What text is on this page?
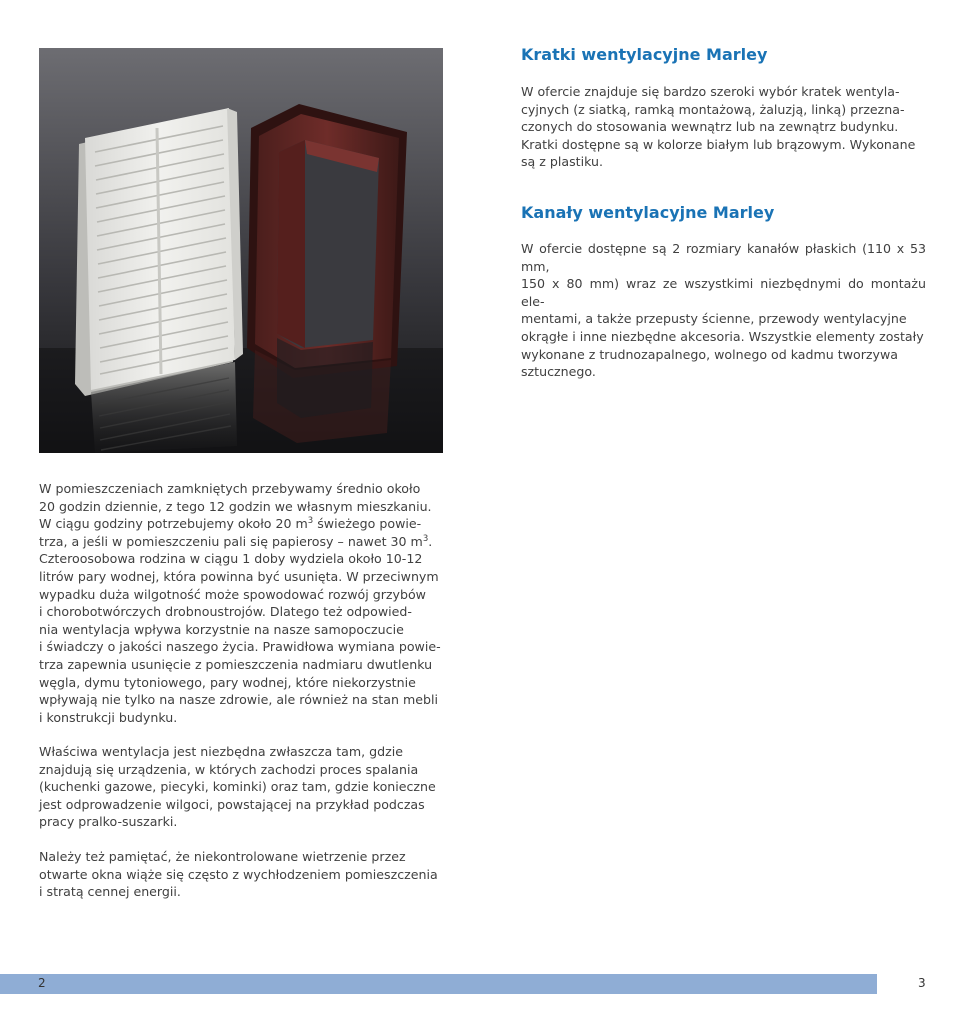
Kratki wentylacyjne Marley

W ofercie znajduje się bardzo szeroki wybór kratek wentyla-
cyjnych (z siatką, ramką montażową, żaluzją, linką) przezna-
czonych do stosowania wewnątrz lub na zewnątrz budynku.
Kratki dostępne są w kolorze białym lub brązowym. Wykonane
są z plastiku.

Kanały wentylacyjne Marley

W ofercie dostępne są 2 rozmiary kanałów płaskich (110 x 53 mm,
150 x 80 mm) wraz ze wszystkimi niezbędnymi do montażu ele-
mentami, a także przepusty ścienne, przewody wentylacyjne
okrągłe i inne niezbędne akcesoria. Wszystkie elementy zostały
wykonane z trudnozapalnego, wolnego od kadmu tworzywa
sztucznego.

W pomieszczeniach zamkniętych przebywamy średnio około
20 godzin dziennie, z tego 12 godzin we własnym mieszkaniu.
W ciągu godziny potrzebujemy około 20 $m^3$ świeżego powie-
trza, a jeśli w pomieszczeniu pali się papierosy – nawet 30 $m^3$.
Czteroosobowa rodzina w ciągu 1 doby wydziela około 10-12
litrów pary wodnej, która powinna być usunięta. W przeciwnym
wypadku duża wilgotność może spowodować rozwój grzybów
i chorobotwórczych drobnoustrojów. Dlatego też odpowied-
nia wentylacja wpływa korzystnie na nasze samopoczucie
i świadczy o jakości naszego życia. Prawidłowa wymiana powie-
trza zapewnia usunięcie z pomieszczenia nadmiaru dwutlenku
węgla, dymu tytoniowego, pary wodnej, które niekorzystnie
wpływają nie tylko na nasze zdrowie, ale również na stan mebli
i konstrukcji budynku.

Właściwa wentylacja jest niezbędna zwłaszcza tam, gdzie
znajdują się urządzenia, w których zachodzi proces spalania
(kuchenki gazowe, piecyki, kominki) oraz tam, gdzie konieczne
jest odprowadzenie wilgoci, powstającej na przykład podczas
pracy pralko-suszarki.

Należy też pamiętać, że niekontrolowane wietrzenie przez
otwarte okna wiąże się często z wychłodzeniem pomieszczenia
i stratą cennej energii.

2	3
